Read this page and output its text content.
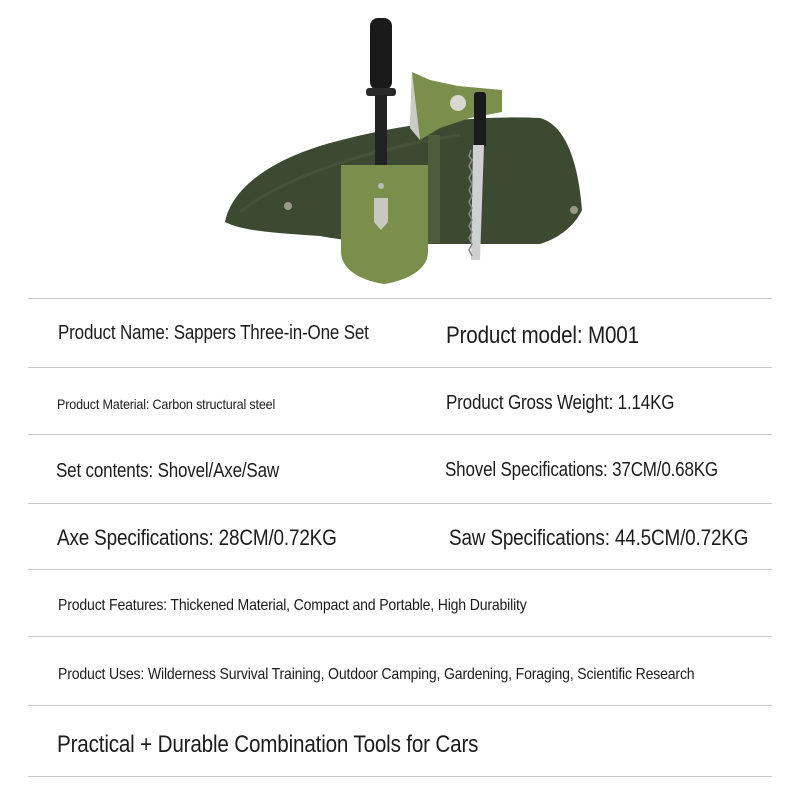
Product Name: Sappers Three-in-One Set	Product model: M001
Product Material: Carbon structural steel	Product Gross Weight: 1.14KG
Set contents: Shovel/Axe/Saw	Shovel Specifications: 37CM/0.68KG
Axe Specifications: 28CM/0.72KG	Saw Specifications: 44.5CM/0.72KG
Product Features: Thickened Material, Compact and Portable, High Durability
Product Uses: Wilderness Survival Training, Outdoor Camping, Gardening, Foraging, Scientific Research
Practical + Durable Combination Tools for Cars
